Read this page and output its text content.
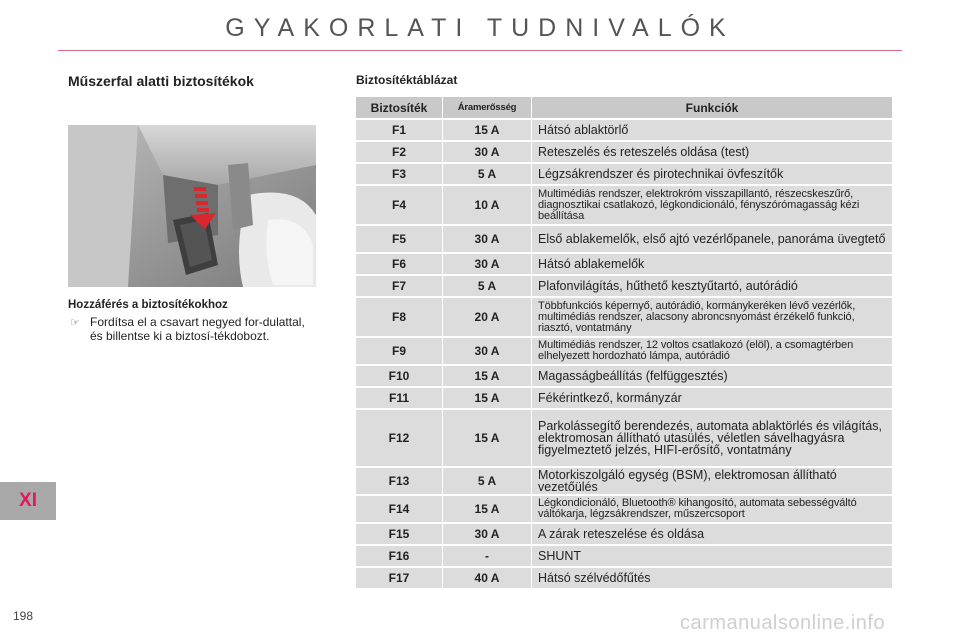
GYAKORLATI TUDNIVALÓK
Műszerfal alatti biztosítékok
Hozzáférés a biztosítékokhoz
☞ Fordítsa el a csavart negyed for-dulattal, és billentse ki a biztosí-tékdobozt.
XI
198	carmanualsonline.info
Biztosítéktáblázat
Biztosíték	Áramerősség	Funkciók
F1	15 A	Hátsó ablaktörlő
F2	30 A	Reteszelés és reteszelés oldása (test)
F3	5 A	Légzsákrendszer és pirotechnikai övfeszítők
F4	10 A	Multimédiás rendszer, elektrokróm visszapillantó, részecskeszűrő, diagnosztikai csatlakozó, légkondicionáló, fényszórómagasság kézi beállítása
F5	30 A	Első ablakemelők, első ajtó vezérlőpanele, panoráma üvegtető
F6	30 A	Hátsó ablakemelők
F7	5 A	Plafonvilágítás, hűthető kesztyűtartó, autórádió
F8	20 A	Többfunkciós képernyő, autórádió, kormánykeréken lévő vezérlők, multimédiás rendszer, alacsony abroncsnyomást érzékelő funkció, riasztó, vontatmány
F9	30 A	Multimédiás rendszer, 12 voltos csatlakozó (elöl), a csomagtérben elhelyezett hordozható lámpa, autórádió
F10	15 A	Magasságbeállítás (felfüggesztés)
F11	15 A	Fékérintkező, kormányzár
F12	15 A	Parkolássegítő berendezés, automata ablaktörlés és világítás, elektromosan állítható utasülés, véletlen sávelhagyásra figyelmeztető jelzés, HIFI-erősítő, vontatmány
F13	5 A	Motorkiszolgáló egység (BSM), elektromosan állítható vezetőülés
F14	15 A	Légkondicionáló, Bluetooth® kihangosító, automata sebességváltó váltókarja, légzsákrendszer, műszercsoport
F15	30 A	A zárak reteszelése és oldása
F16	-	SHUNT
F17	40 A	Hátsó szélvédőfűtés
